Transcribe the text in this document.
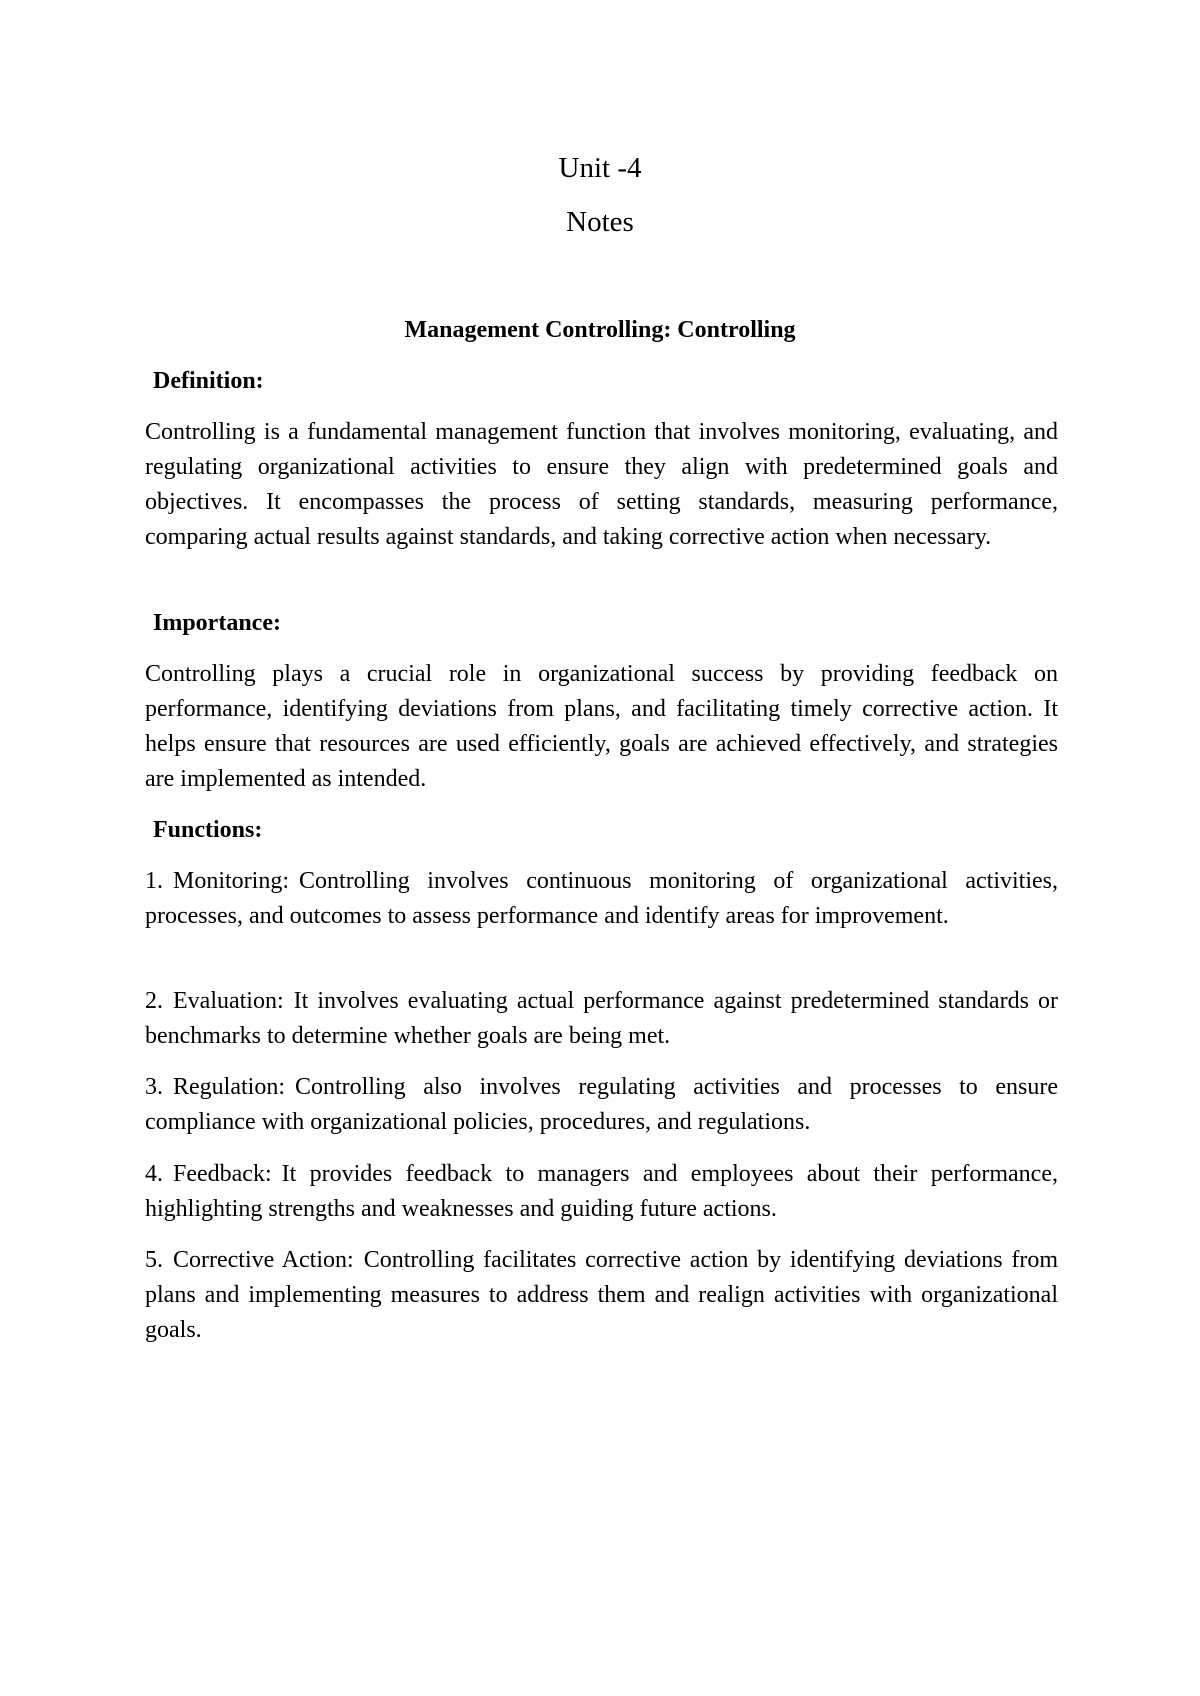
Unit -4
Notes
Management Controlling: Controlling

Definition:

Controlling is a fundamental management function that involves monitoring, evaluating, and regulating organizational activities to ensure they align with predetermined goals and objectives. It encompasses the process of setting standards, measuring performance, comparing actual results against standards, and taking corrective action when necessary.

Importance:

Controlling plays a crucial role in organizational success by providing feedback on performance, identifying deviations from plans, and facilitating timely corrective action. It helps ensure that resources are used efficiently, goals are achieved effectively, and strategies are implemented as intended.

Functions:

1. Monitoring: Controlling involves continuous monitoring of organizational activities, processes, and outcomes to assess performance and identify areas for improvement.

2. Evaluation: It involves evaluating actual performance against predetermined standards or benchmarks to determine whether goals are being met.

3. Regulation: Controlling also involves regulating activities and processes to ensure compliance with organizational policies, procedures, and regulations.

4. Feedback: It provides feedback to managers and employees about their performance, highlighting strengths and weaknesses and guiding future actions.

5. Corrective Action: Controlling facilitates corrective action by identifying deviations from plans and implementing measures to address them and realign activities with organizational goals.
